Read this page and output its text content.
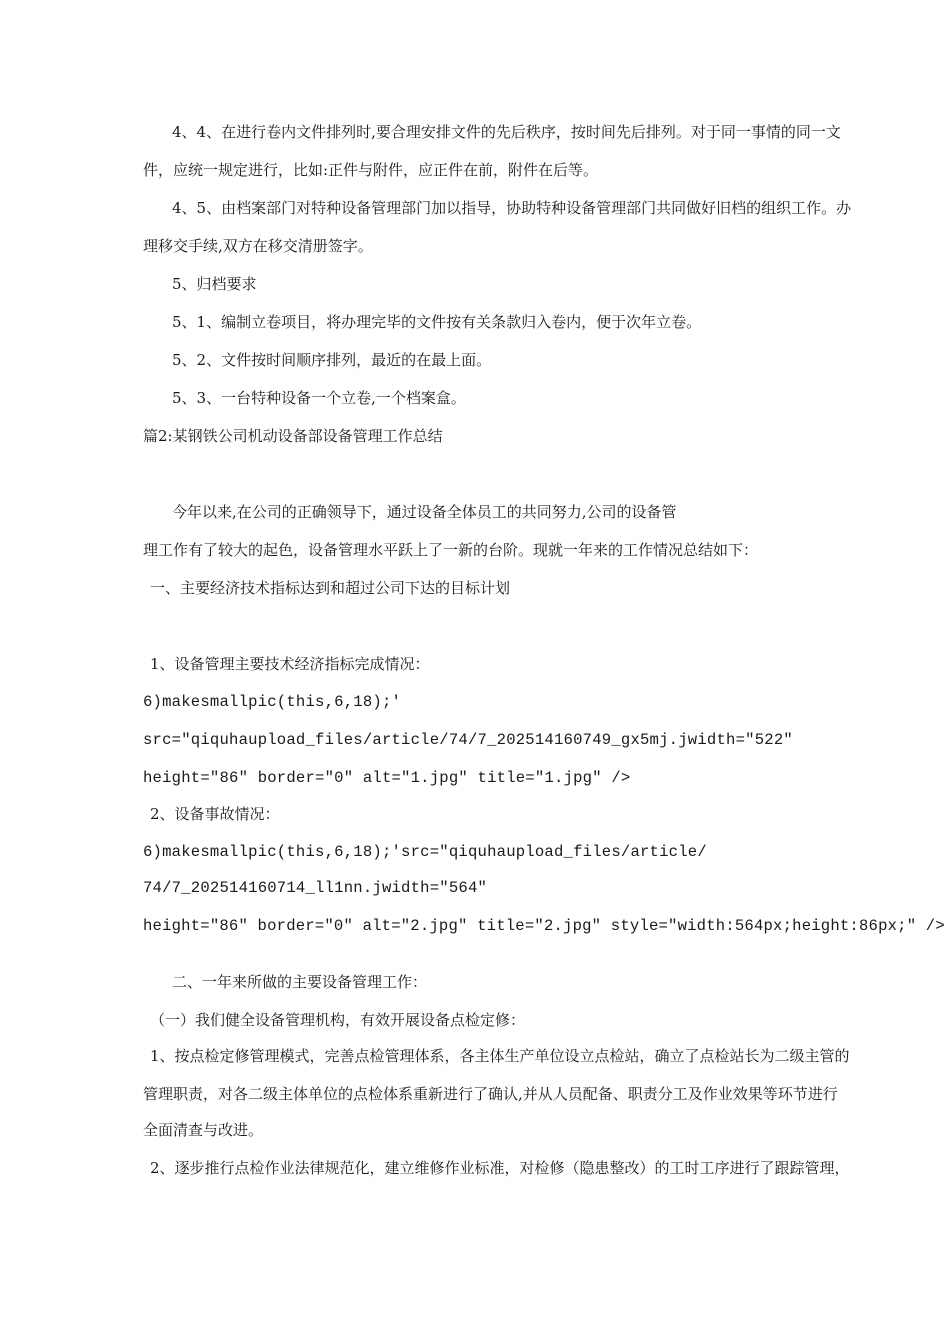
4、4、在进行卷内文件排列时,要合理安排文件的先后秩序，按时间先后排列。对于同一事情的同一文

件，应统一规定进行，比如:正件与附件，应正件在前，附件在后等。

4、5、由档案部门对特种设备管理部门加以指导，协助特种设备管理部门共同做好旧档的组织工作。办

理移交手续,双方在移交清册签字。

5、归档要求

5、1、编制立卷项目，将办理完毕的文件按有关条款归入卷内，便于次年立卷。

5、2、文件按时间顺序排列，最近的在最上面。

5、3、一台特种设备一个立卷,一个档案盒。

篇2:某钢铁公司机动设备部设备管理工作总结

今年以来,在公司的正确领导下，通过设备全体员工的共同努力,公司的设备管

理工作有了较大的起色，设备管理水平跃上了一新的台阶。现就一年来的工作情况总结如下：

一、主要经济技术指标达到和超过公司下达的目标计划

1、设备管理主要技术经济指标完成情况：

6)makesmallpic(this,6,18);'

src="qiquhaupload_files/article/74/7_202514160749_gx5mj.jwidth="522"

height="86" border="0" alt="1.jpg" title="1.jpg" />

2、设备事故情况：

6)makesmallpic(this,6,18);'src="qiquhaupload_files/article/

74/7_202514160714_ll1nn.jwidth="564"

height="86" border="0" alt="2.jpg" title="2.jpg" style="width:564px;height:86px;" />

二、一年来所做的主要设备管理工作：

（一）我们健全设备管理机构，有效开展设备点检定修：

1、按点检定修管理模式，完善点检管理体系，各主体生产单位设立点检站，确立了点检站长为二级主管的

管理职责，对各二级主体单位的点检体系重新进行了确认,并从人员配备、职责分工及作业效果等环节进行

全面清查与改进。

2、逐步推行点检作业法律规范化，建立维修作业标准，对检修（隐患整改）的工时工序进行了跟踪管理，
